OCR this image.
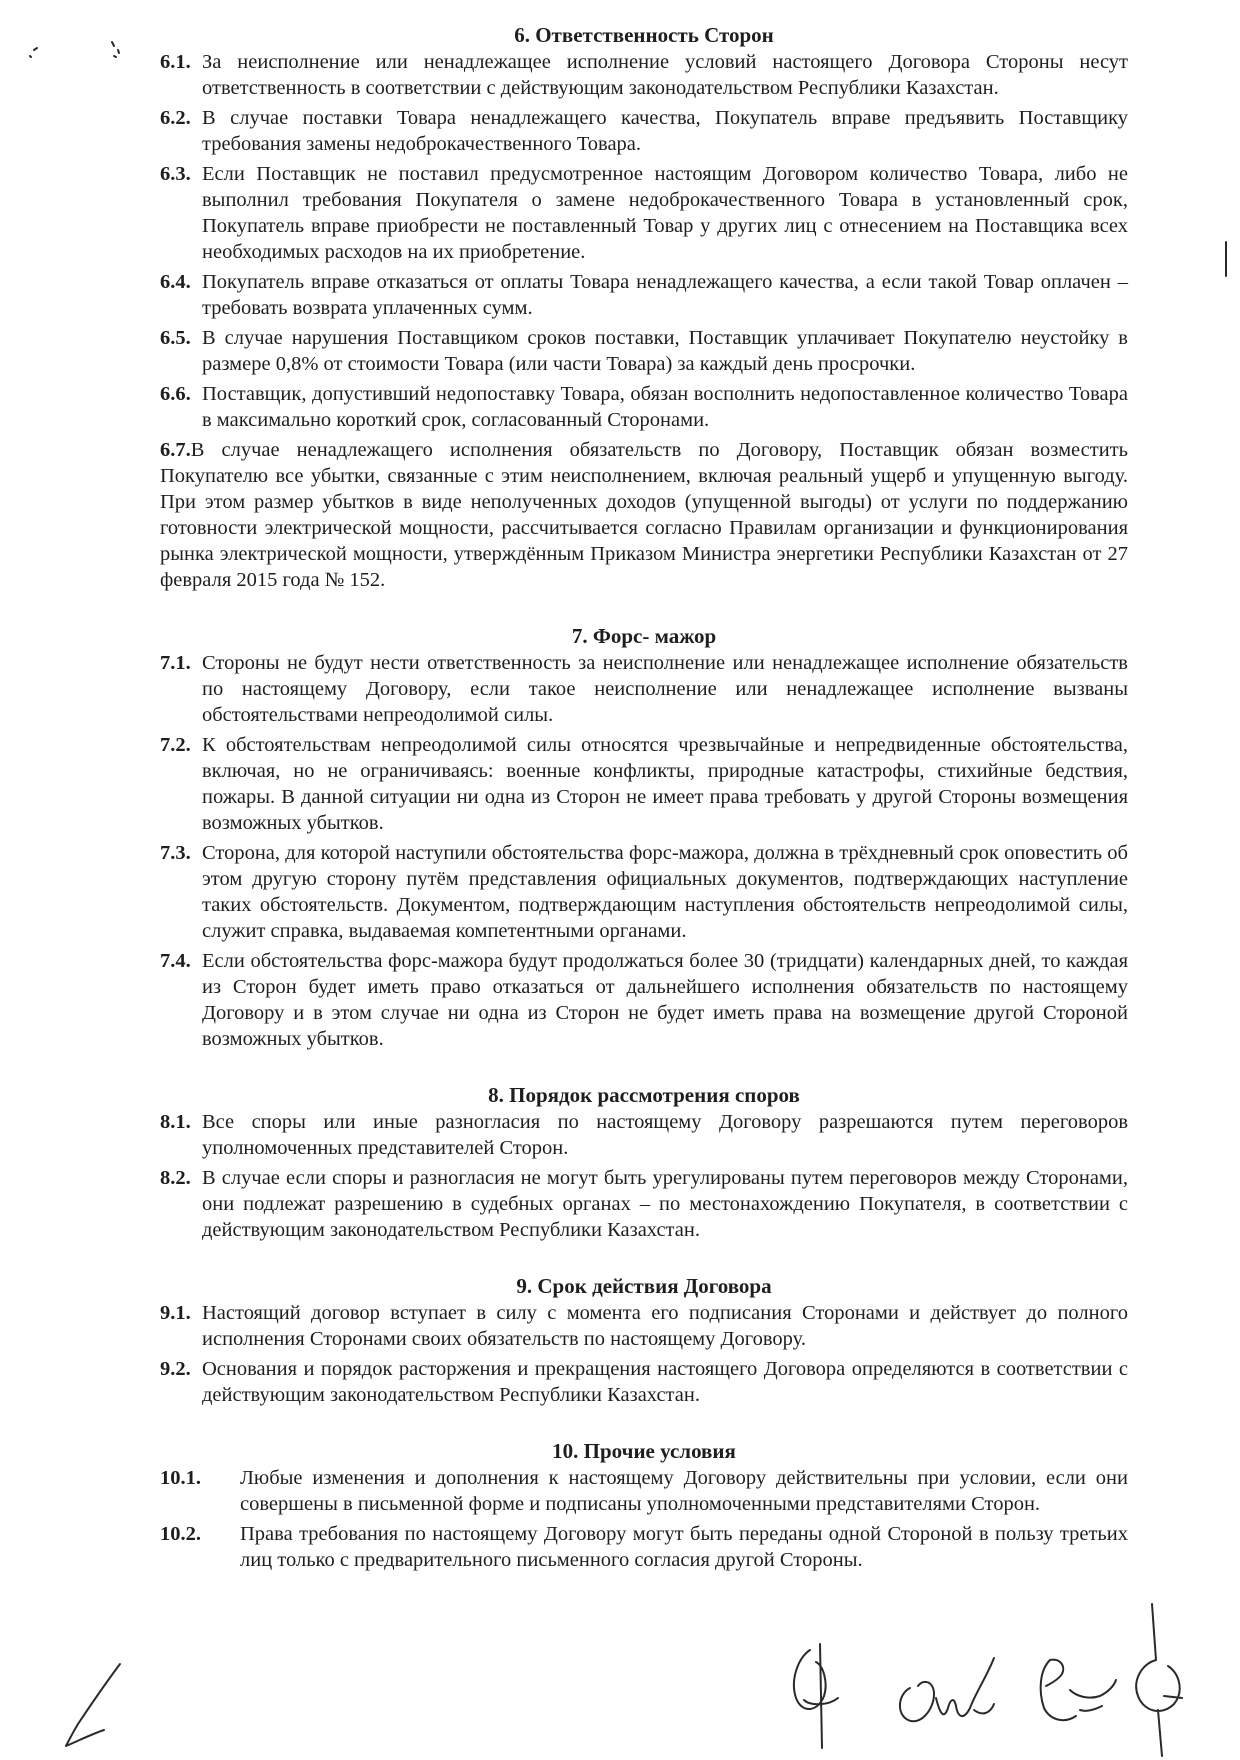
6. Ответственность Сторон
6.1. За неисполнение или ненадлежащее исполнение условий настоящего Договора Стороны несут ответственность в соответствии с действующим законодательством Республики Казахстан.
6.2. В случае поставки Товара ненадлежащего качества, Покупатель вправе предъявить Поставщику требования замены недоброкачественного Товара.
6.3. Если Поставщик не поставил предусмотренное настоящим Договором количество Товара, либо не выполнил требования Покупателя о замене недоброкачественного Товара в установленный срок, Покупатель вправе приобрести не поставленный Товар у других лиц с отнесением на Поставщика всех необходимых расходов на их приобретение.
6.4. Покупатель вправе отказаться от оплаты Товара ненадлежащего качества, а если такой Товар оплачен – требовать возврата уплаченных сумм.
6.5. В случае нарушения Поставщиком сроков поставки, Поставщик уплачивает Покупателю неустойку в размере 0,8% от стоимости Товара (или части Товара) за каждый день просрочки.
6.6. Поставщик, допустивший недопоставку Товара, обязан восполнить недопоставленное количество Товара в максимально короткий срок, согласованный Сторонами.

6.7.В случае ненадлежащего исполнения обязательств по Договору, Поставщик обязан возместить Покупателю все убытки, связанные с этим неисполнением, включая реальный ущерб и упущенную выгоду. При этом размер убытков в виде неполученных доходов (упущенной выгоды) от услуги по поддержанию готовности электрической мощности, рассчитывается согласно Правилам организации и функционирования рынка электрической мощности, утверждённым Приказом Министра энергетики Республики Казахстан от 27 февраля 2015 года № 152.

7. Форс- мажор
7.1. Стороны не будут нести ответственность за неисполнение или ненадлежащее исполнение обязательств по настоящему Договору, если такое неисполнение или ненадлежащее исполнение вызваны обстоятельствами непреодолимой силы.
7.2. К обстоятельствам непреодолимой силы относятся чрезвычайные и непредвиденные обстоятельства, включая, но не ограничиваясь: военные конфликты, природные катастрофы, стихийные бедствия, пожары. В данной ситуации ни одна из Сторон не имеет права требовать у другой Стороны возмещения возможных убытков.
7.3. Сторона, для которой наступили обстоятельства форс-мажора, должна в трёхдневный срок оповестить об этом другую сторону путём представления официальных документов, подтверждающих наступление таких обстоятельств. Документом, подтверждающим наступления обстоятельств непреодолимой силы, служит справка, выдаваемая компетентными органами.
7.4. Если обстоятельства форс-мажора будут продолжаться более 30 (тридцати) календарных дней, то каждая из Сторон будет иметь право отказаться от дальнейшего исполнения обязательств по настоящему Договору и в этом случае ни одна из Сторон не будет иметь права на возмещение другой Стороной возможных убытков.
8. Порядок рассмотрения споров
8.1. Все споры или иные разногласия по настоящему Договору разрешаются путем переговоров уполномоченных представителей Сторон.
8.2. В случае если споры и разногласия не могут быть урегулированы путем переговоров между Сторонами, они подлежат разрешению в судебных органах – по местонахождению Покупателя, в соответствии с действующим законодательством Республики Казахстан.
9. Срок действия Договора
9.1. Настоящий договор вступает в силу с момента его подписания Сторонами и действует до полного исполнения Сторонами своих обязательств по настоящему Договору.
9.2. Основания и порядок расторжения и прекращения настоящего Договора определяются в соответствии с действующим законодательством Республики Казахстан.
10. Прочие условия
10.1.	Любые изменения и дополнения к настоящему Договору действительны при условии, если они совершены в письменной форме и подписаны уполномоченными представителями Сторон.
10.2.	Права требования по настоящему Договору могут быть переданы одной Стороной в пользу третьих лиц только с предварительного письменного согласия другой Стороны.
